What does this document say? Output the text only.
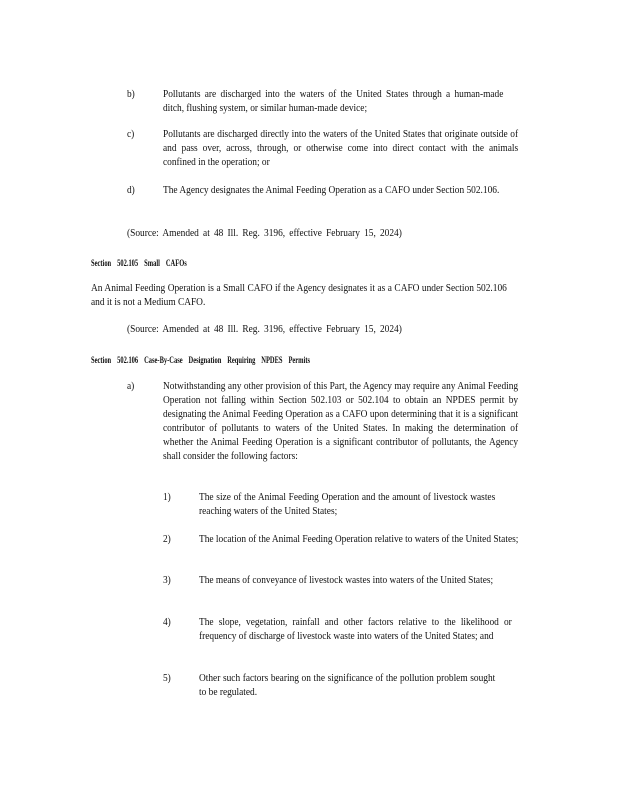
b)	Pollutants are discharged into the waters of the United States through a human-made ditch, flushing system, or similar human-made device;
c)	Pollutants are discharged directly into the waters of the United States that originate outside of and pass over, across, through, or otherwise come into direct contact with the animals confined in the operation; or
d)	The Agency designates the Animal Feeding Operation as a CAFO under Section 502.106.
(Source: Amended at 48 Ill. Reg. 3196, effective February 15, 2024)
Section 502.105 Small CAFOs
An Animal Feeding Operation is a Small CAFO if the Agency designates it as a CAFO under Section 502.106 and it is not a Medium CAFO.
(Source: Amended at 48 Ill. Reg. 3196, effective February 15, 2024)
Section 502.106 Case-By-Case Designation Requiring NPDES Permits
a)	Notwithstanding any other provision of this Part, the Agency may require any Animal Feeding Operation not falling within Section 502.103 or 502.104 to obtain an NPDES permit by designating the Animal Feeding Operation as a CAFO upon determining that it is a significant contributor of pollutants to waters of the United States. In making the determination of whether the Animal Feeding Operation is a significant contributor of pollutants, the Agency shall consider the following factors:
1)	The size of the Animal Feeding Operation and the amount of livestock wastes reaching waters of the United States;
2)	The location of the Animal Feeding Operation relative to waters of the United States;
3)	The means of conveyance of livestock wastes into waters of the United States;
4)	The slope, vegetation, rainfall and other factors relative to the likelihood or frequency of discharge of livestock waste into waters of the United States; and
5)	Other such factors bearing on the significance of the pollution problem sought to be regulated.
